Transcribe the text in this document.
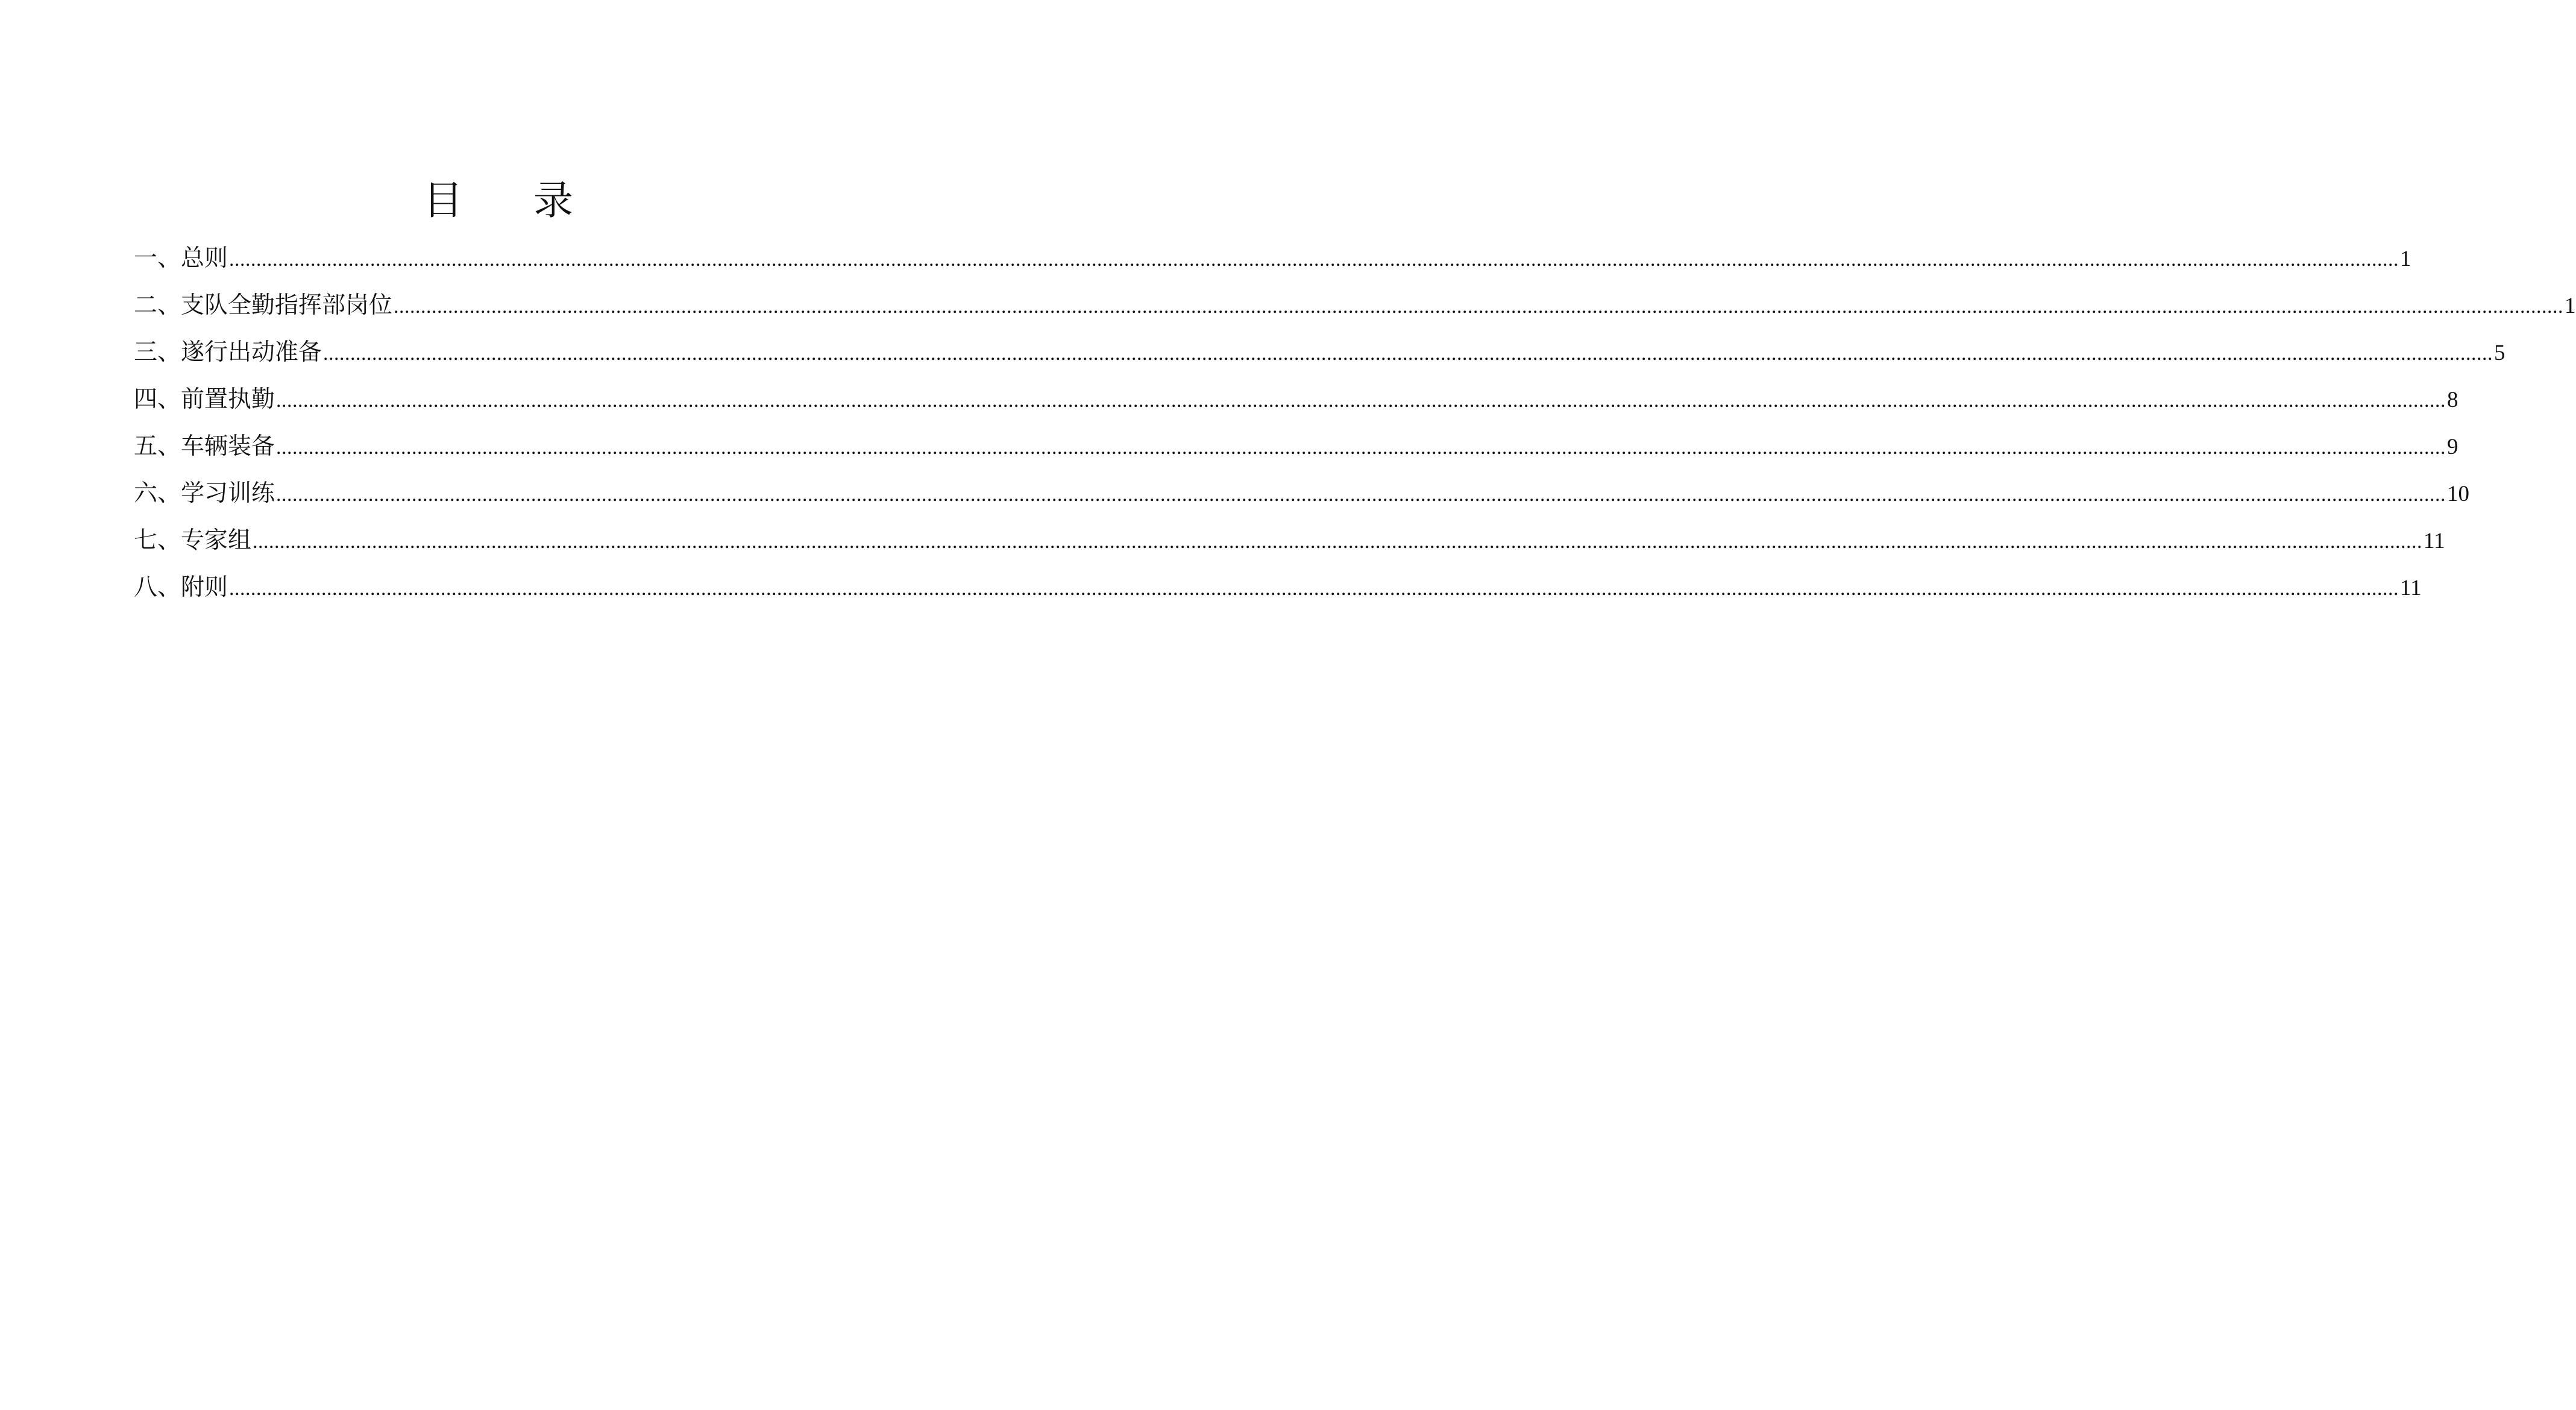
目 录
一、总则 ................................................................................................................................................................................................................................................................................................................................................................................................................ 1
二、支队全勤指挥部岗位 ................................................................................................................................................................................................................................................................................................................................................................................................................ 1
三、遂行出动准备 ................................................................................................................................................................................................................................................................................................................................................................................................................ 5
四、前置执勤 ................................................................................................................................................................................................................................................................................................................................................................................................................ 8
五、车辆装备 ................................................................................................................................................................................................................................................................................................................................................................................................................ 9
六、学习训练 ................................................................................................................................................................................................................................................................................................................................................................................................................ 10
七、专家组 ................................................................................................................................................................................................................................................................................................................................................................................................................ 11
八、附则 ................................................................................................................................................................................................................................................................................................................................................................................................................ 11
